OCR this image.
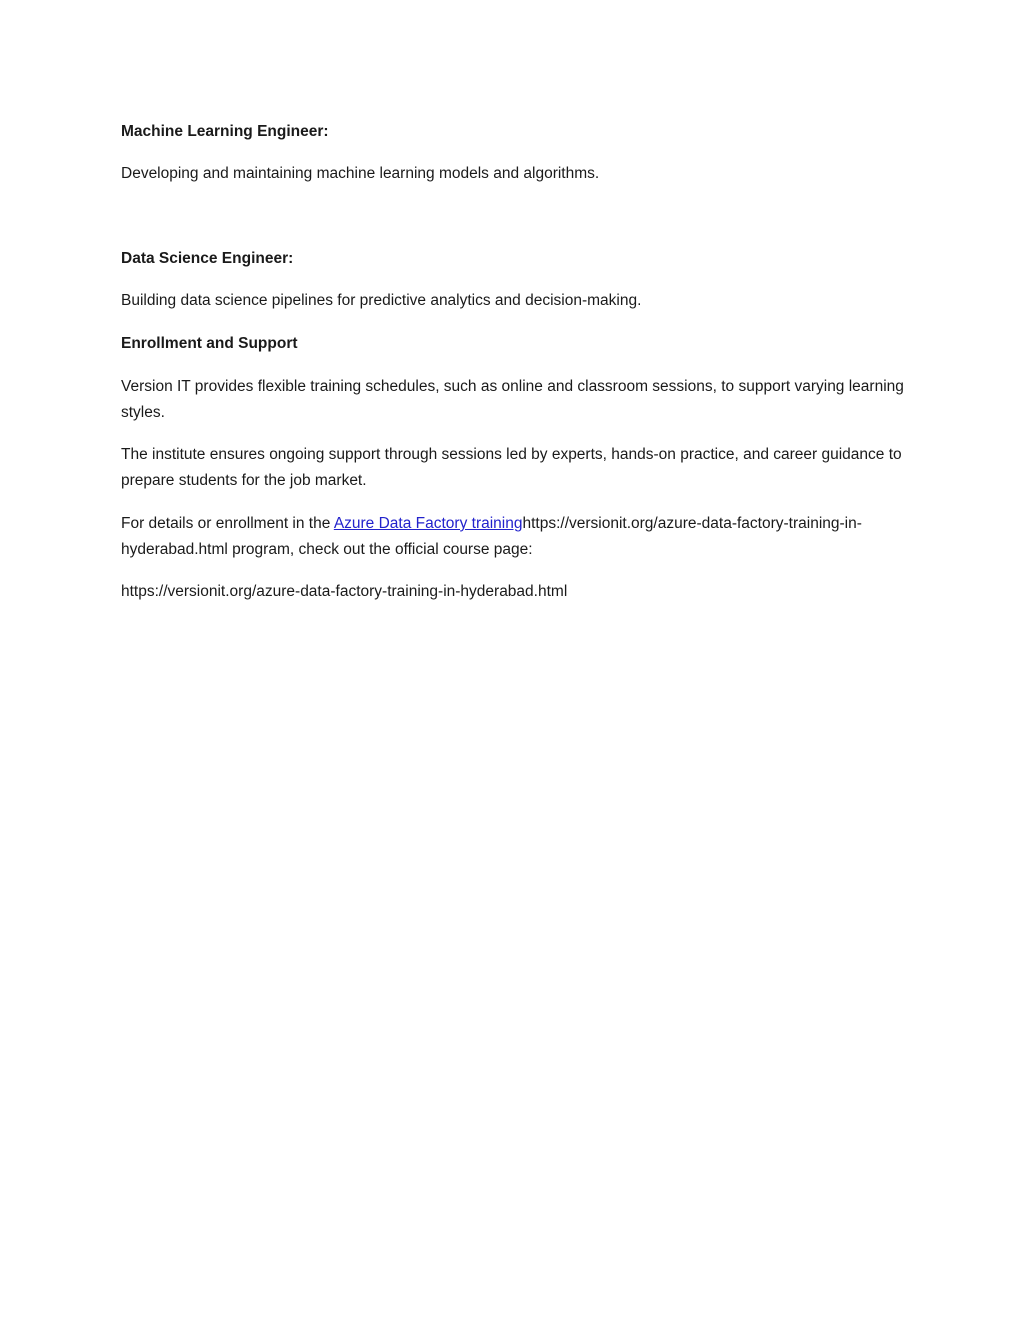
Machine Learning Engineer:

Developing and maintaining machine learning models and algorithms.

Data Science Engineer:

Building data science pipelines for predictive analytics and decision-making.

Enrollment and Support

Version IT provides flexible training schedules, such as online and classroom sessions, to support varying learning styles.

The institute ensures ongoing support through sessions led by experts, hands-on practice, and career guidance to prepare students for the job market.

For details or enrollment in the Azure Data Factory traininghttps://versionit.org/azure-data-factory-training-in-hyderabad.html program, check out the official course page:

https://versionit.org/azure-data-factory-training-in-hyderabad.html
